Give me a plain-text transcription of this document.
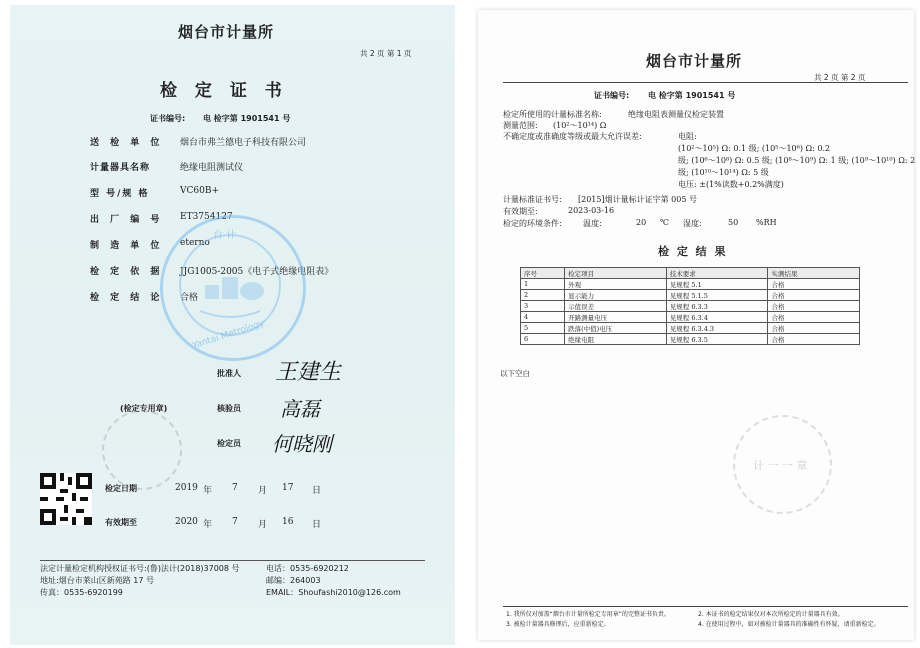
烟台市计量所
共 2 页 第 1 页
检 定 证 书
证书编号: 电 检字第 1901541 号
送 检 单 位 烟台市弗兰德电子科技有限公司
计量器具名称	绝缘电阻测试仪
型 号/规 格	VC60B+
出 厂 编 号 ET3754127
制 造 单 位 eterno
检 定 依 据 JJG1005-2005《电子式绝缘电阻表》
检 定 结 论 合格
台 计
Yantai Metrology
批准人 王建生
(检定专用章)	核验员 高磊
检定员 何晓刚
检定日期	2019 年 7 月 17 日
有效期至	2020 年 7 月 16 日
法定计量检定机构授权证书号:(鲁)法计(2018)37008 号	电话：0535-6920212
地址:烟台市莱山区新苑路 17 号	邮编：264003
传真：0535-6920199	EMAIL：Shoufashi2010@126.com
烟台市计量所
共 2 页 第 2 页
证书编号: 电 检字第 1901541 号
检定所使用的计量标准名称:	绝缘电阻表测量仪检定装置
测量范围: (10²～10¹⁴) Ω
不确定度或准确度等级或最大允许误差:	电阻:
(10²～10⁵) Ω: 0.1 级; (10⁵～10⁶) Ω: 0.2
级; (10⁶～10⁸) Ω: 0.5 级; (10⁸～10⁹) Ω: 1 级; (10⁹～10¹⁰) Ω: 2
级; (10¹⁰～10¹⁴) Ω: 5 级
电压: ±(1%读数+0.2%满度)
计量标准证书号: [2015]烟计量标计证字第 005 号
有效期至:	2023-03-16
检定的环境条件:	温度:	20 ℃ 湿度:	50 %RH
检 定 结 果
序号	检定项目	技术要求	实测结果
1	外观	见规程 5.1	合格
2	显示能力	见规程 5.1.5	合格
3	示值误差	见规程 6.3.3	合格
4	开路测量电压	见规程 6.3.4	合格
5	跌落(中值)电压	见规程 6.3.4.3	合格
6	绝缘电阻	见规程 6.3.5	合格
以下空白
计 一 一 章
1. 我所仅对加盖“烟台市计量所检定专用章”的完整证书负责。	2. 本证书的检定结果仅对本次所检定的计量器具有效。
3. 被检计量器具修理后，应重新检定。	4. 在使用过程中，如对被检计量器具的准确性有怀疑，请重新检定。
